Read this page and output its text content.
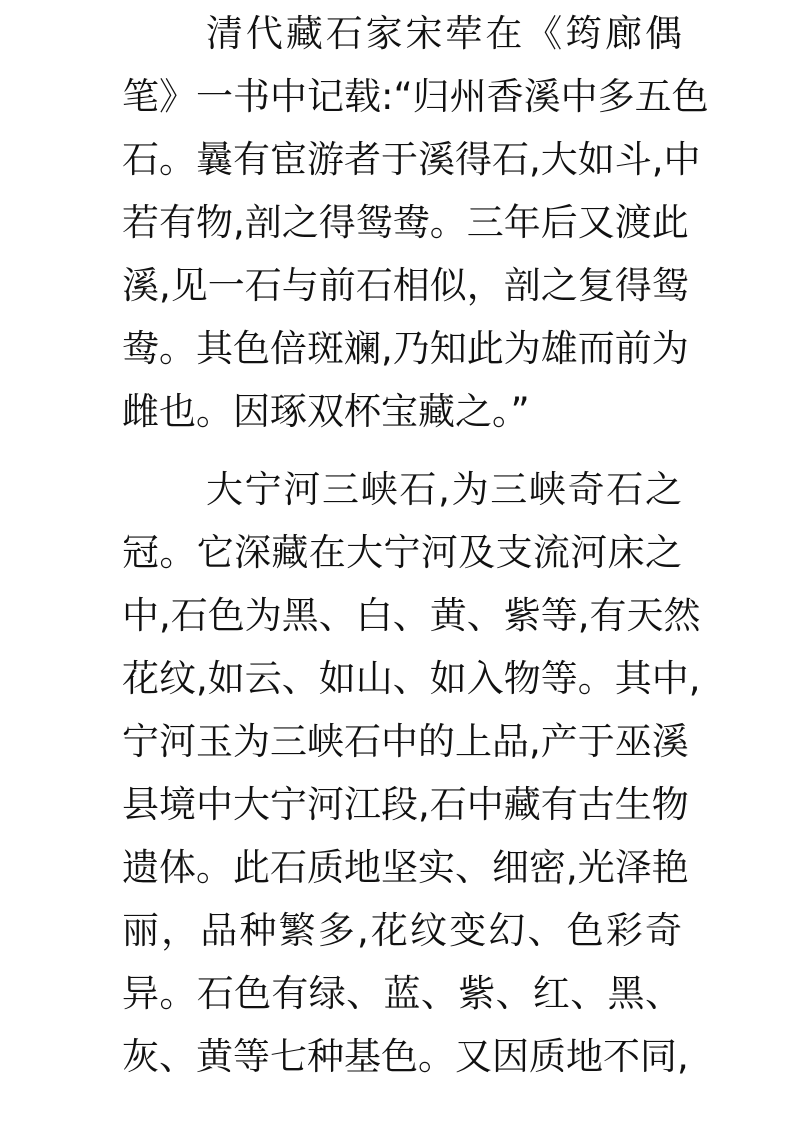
清代藏石家宋荦在《筠廊偶
笔》一书中记载:“归州香溪中多五色
石。曩有宦游者于溪得石,大如斗,中
若有物,剖之得鸳鸯。三年后又渡此
溪,见一石与前石相似，剖之复得鸳
鸯。其色倍斑斓,乃知此为雄而前为
雌也。因琢双杯宝藏之。”
大宁河三峡石,为三峡奇石之
冠。它深藏在大宁河及支流河床之
中,石色为黑、白、黄、紫等,有天然
花纹,如云、如山、如入物等。其中,
宁河玉为三峡石中的上品,产于巫溪
县境中大宁河江段,石中藏有古生物
遗体。此石质地坚实、细密,光泽艳
丽，品种繁多,花纹变幻、色彩奇
异。石色有绿、蓝、紫、红、黑、
灰、黄等七种基色。又因质地不同,
